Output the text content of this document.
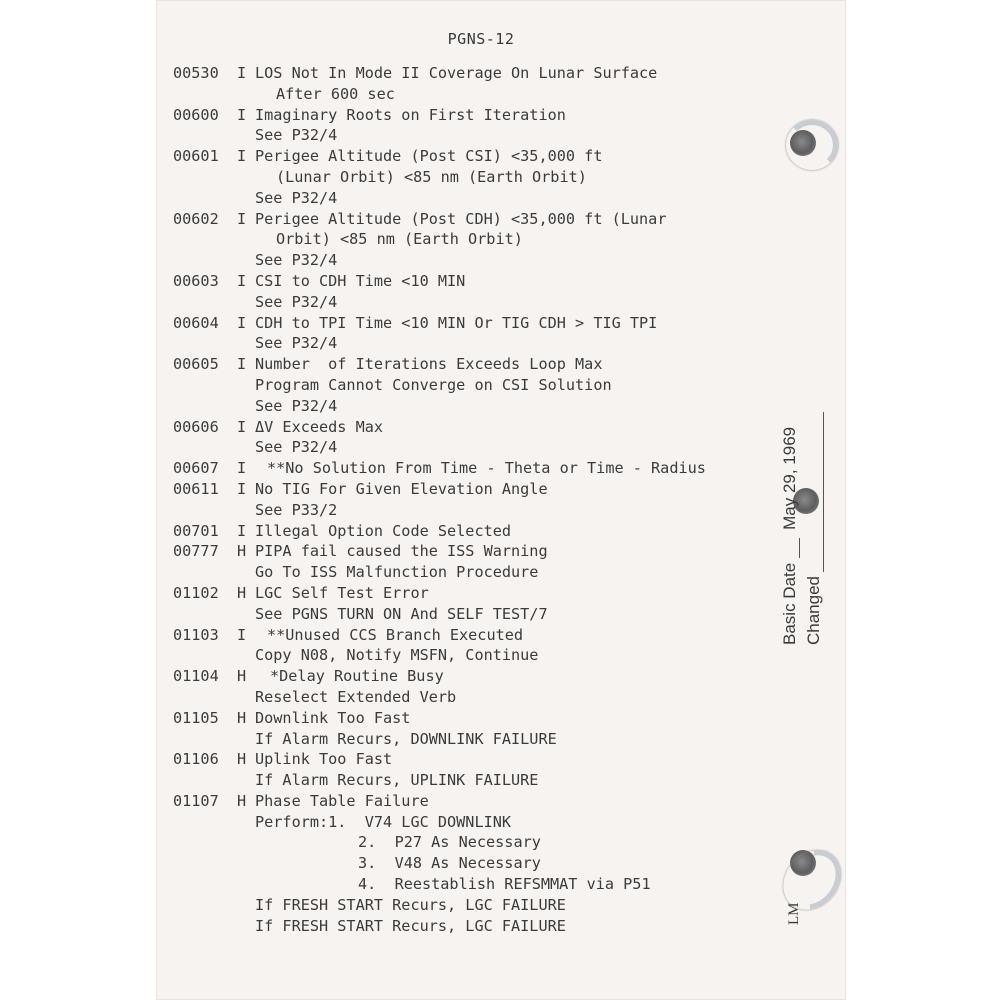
PGNS-12
00530 I LOS Not In Mode II Coverage On Lunar Surface
After 600 sec
00600 I Imaginary Roots on First Iteration
See P32/4
00601 I Perigee Altitude (Post CSI) <35,000 ft
(Lunar Orbit) <85 nm (Earth Orbit)
See P32/4
00602 I Perigee Altitude (Post CDH) <35,000 ft (Lunar
Orbit) <85 nm (Earth Orbit)
See P32/4
00603 I CSI to CDH Time <10 MIN
See P32/4
00604 I CDH to TPI Time <10 MIN Or TIG CDH > TIG TPI
See P32/4
00605 I Number  of Iterations Exceeds Loop Max
Program Cannot Converge on CSI Solution
See P32/4
00606 I ΔV Exceeds Max
See P32/4
00607 I **No Solution From Time - Theta or Time - Radius
00611 I No TIG For Given Elevation Angle
See P33/2
00701 I Illegal Option Code Selected
00777 H PIPA fail caused the ISS Warning
Go To ISS Malfunction Procedure
01102 H LGC Self Test Error
See PGNS TURN ON And SELF TEST/7
01103 I **Unused CCS Branch Executed
Copy N08, Notify MSFN, Continue
01104 H *Delay Routine Busy
Reselect Extended Verb
01105 H Downlink Too Fast
If Alarm Recurs, DOWNLINK FAILURE
01106 H Uplink Too Fast
If Alarm Recurs, UPLINK FAILURE
01107 H Phase Table Failure
Perform:1.  V74 LGC DOWNLINK
2.  P27 As Necessary
3.  V48 As Necessary
4.  Reestablish REFSMMAT via P51
If FRESH START Recurs, LGC FAILURE
If FRESH START Recurs, LGC FAILURE
Basic Date  May 29, 1969
Changed
LM
